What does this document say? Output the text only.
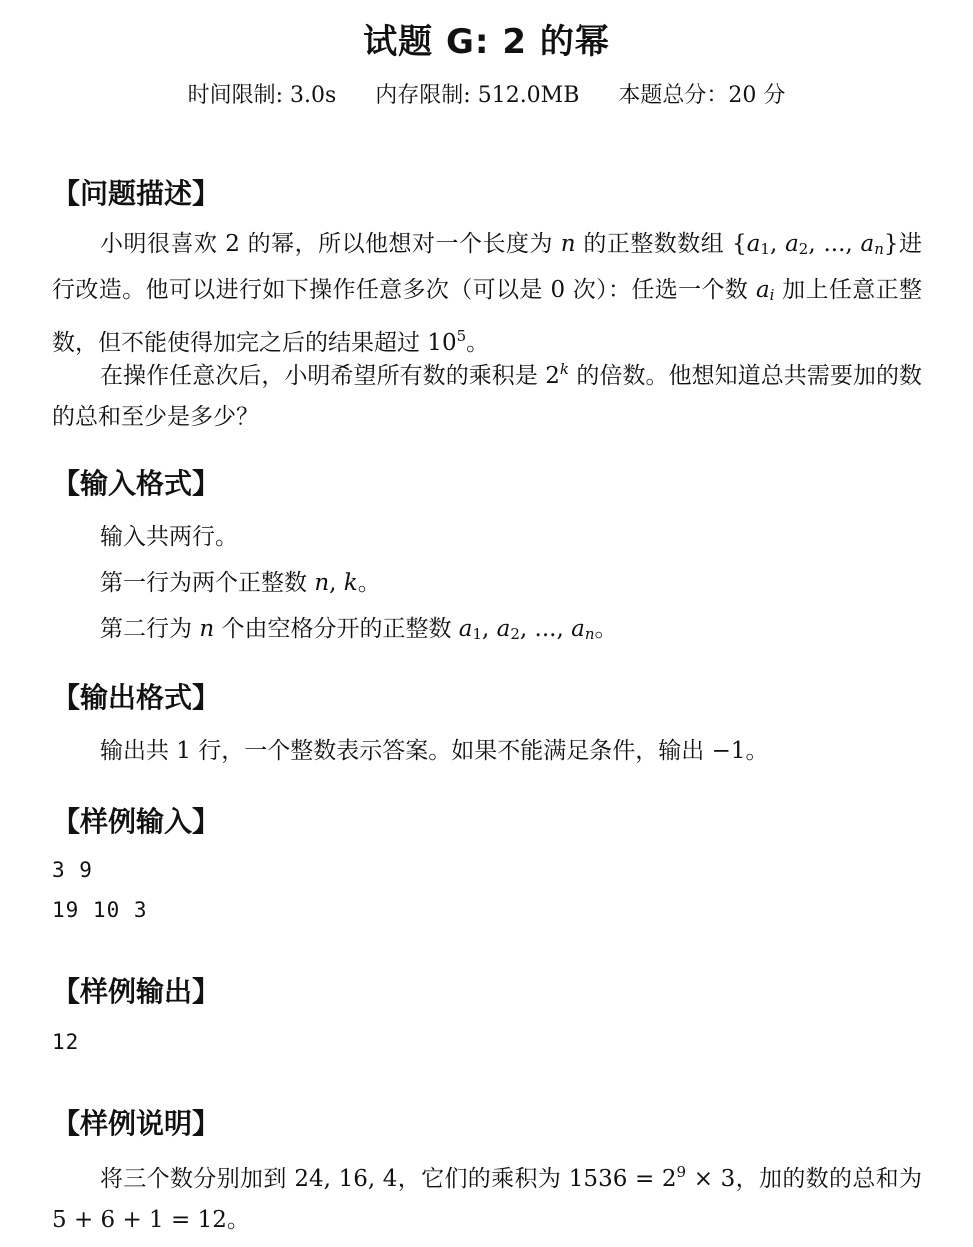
试题 G: 2 的幂
时间限制: 3.0s 内存限制: 512.0MB 本题总分：20 分
【问题描述】
小明很喜欢 2 的幂，所以他想对一个长度为 n 的正整数数组 {$a_1$, $a_2$, ..., $a_n$}进行改造。他可以进行如下操作任意多次（可以是 0 次）：任选一个数 $a_i$ 加上任意正整数，但不能使得加完之后的结果超过 $10^5$。
在操作任意次后，小明希望所有数的乘积是 2$^k$ 的倍数。他想知道总共需要加的数的总和至少是多少？
【输入格式】
输入共两行。
第一行为两个正整数 n, k。
第二行为 n 个由空格分开的正整数 $a_1$, $a_2$, ..., $a_n$。
【输出格式】
输出共 1 行，一个整数表示答案。如果不能满足条件，输出 −1。
【样例输入】
3 9
19 10 3
【样例输出】
12
【样例说明】
将三个数分别加到 24, 16, 4，它们的乘积为 $1536 = 2^9 \times 3$，加的数的总和为 5 + 6 + 1 = 12。
